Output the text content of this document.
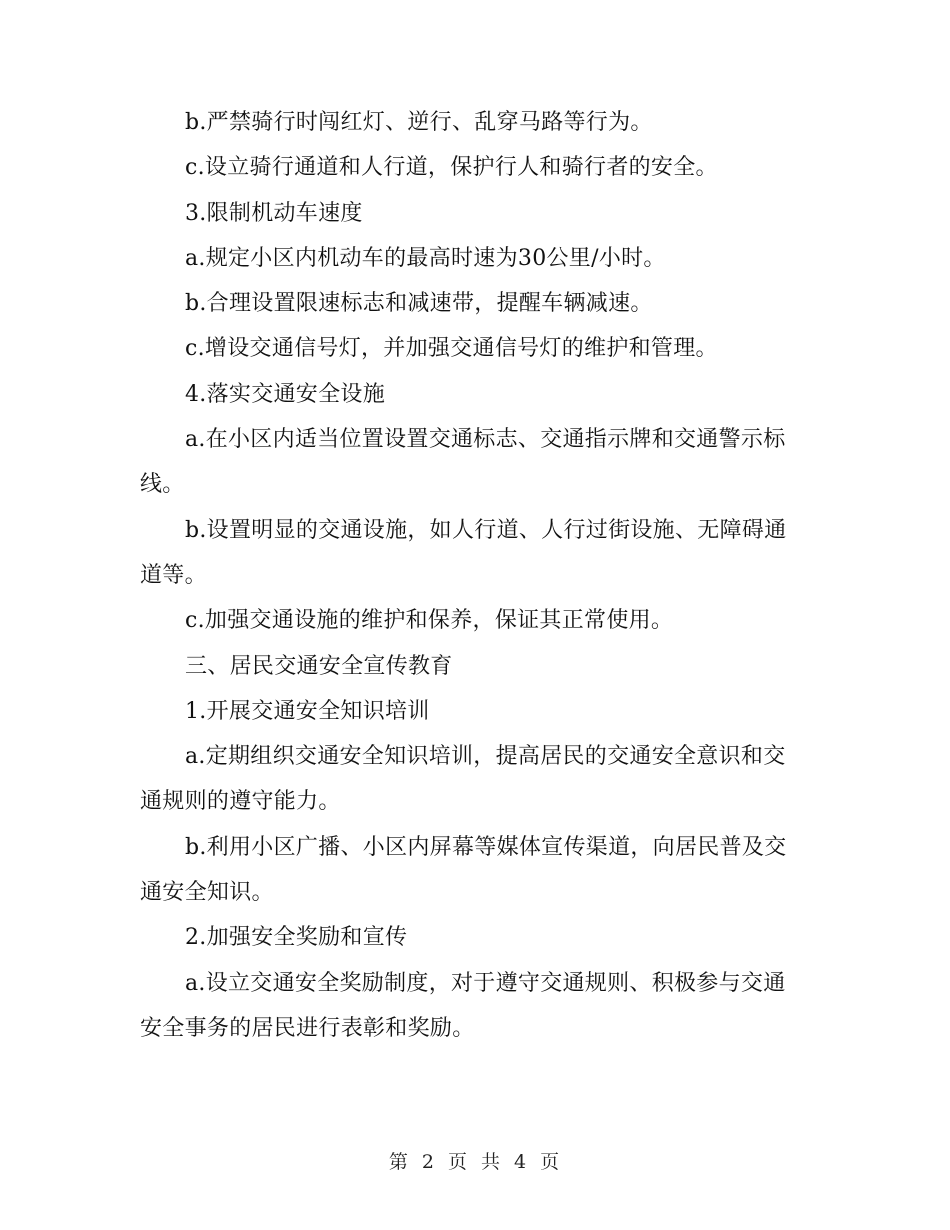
b.严禁骑行时闯红灯、逆行、乱穿马路等行为。

c.设立骑行通道和人行道，保护行人和骑行者的安全。

3.限制机动车速度

a.规定小区内机动车的最高时速为30公里/小时。

b.合理设置限速标志和减速带，提醒车辆减速。

c.增设交通信号灯，并加强交通信号灯的维护和管理。

4.落实交通安全设施

a.在小区内适当位置设置交通标志、交通指示牌和交通警示标线。

b.设置明显的交通设施，如人行道、人行过街设施、无障碍通道等。

c.加强交通设施的维护和保养，保证其正常使用。

三、居民交通安全宣传教育

1.开展交通安全知识培训

a.定期组织交通安全知识培训，提高居民的交通安全意识和交通规则的遵守能力。

b.利用小区广播、小区内屏幕等媒体宣传渠道，向居民普及交通安全知识。

2.加强安全奖励和宣传

a.设立交通安全奖励制度，对于遵守交通规则、积极参与交通安全事务的居民进行表彰和奖励。

第 2 页 共 4 页
